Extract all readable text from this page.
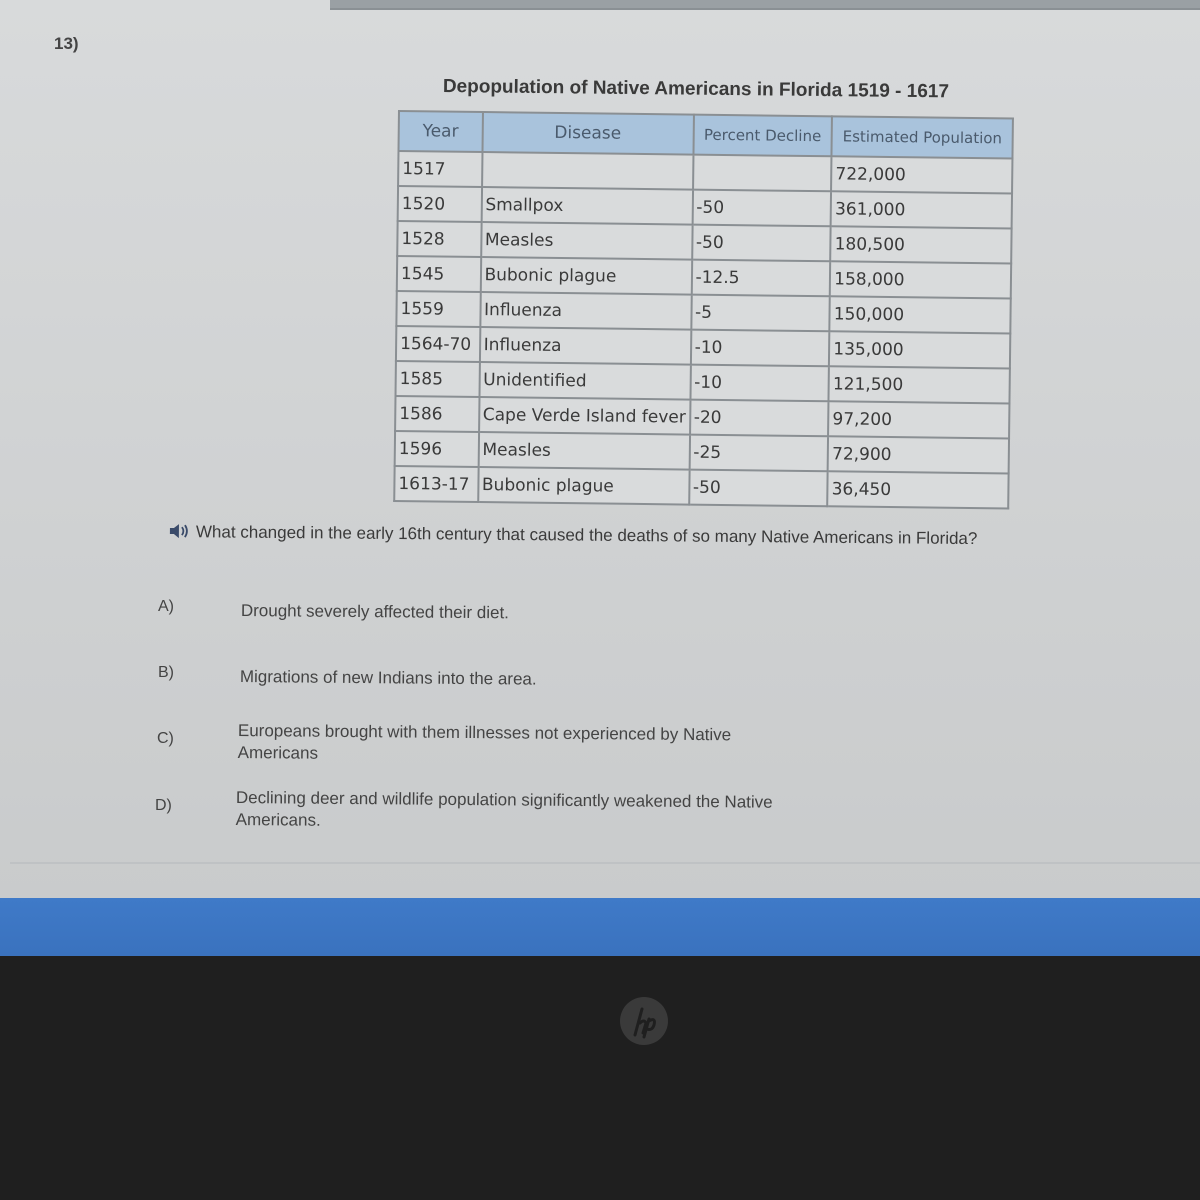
13)
Depopulation of Native Americans in Florida 1519 - 1617
Year	Disease	Percent Decline	Estimated Population
1517			722,000
1520	Smallpox	-50	361,000
1528	Measles	-50	180,500
1545	Bubonic plague	-12.5	158,000
1559	Influenza	-5	150,000
1564-70	Influenza	-10	135,000
1585	Unidentified	-10	121,500
1586	Cape Verde Island fever	-20	97,200
1596	Measles	-25	72,900
1613-17	Bubonic plague	-50	36,450
What changed in the early 16th century that caused the deaths of so many Native Americans in Florida?
A)	Drought severely affected their diet.
B)	Migrations of new Indians into the area.
C)	Europeans brought with them illnesses not experienced by Native Americans
D)	Declining deer and wildlife population significantly weakened the Native Americans.
